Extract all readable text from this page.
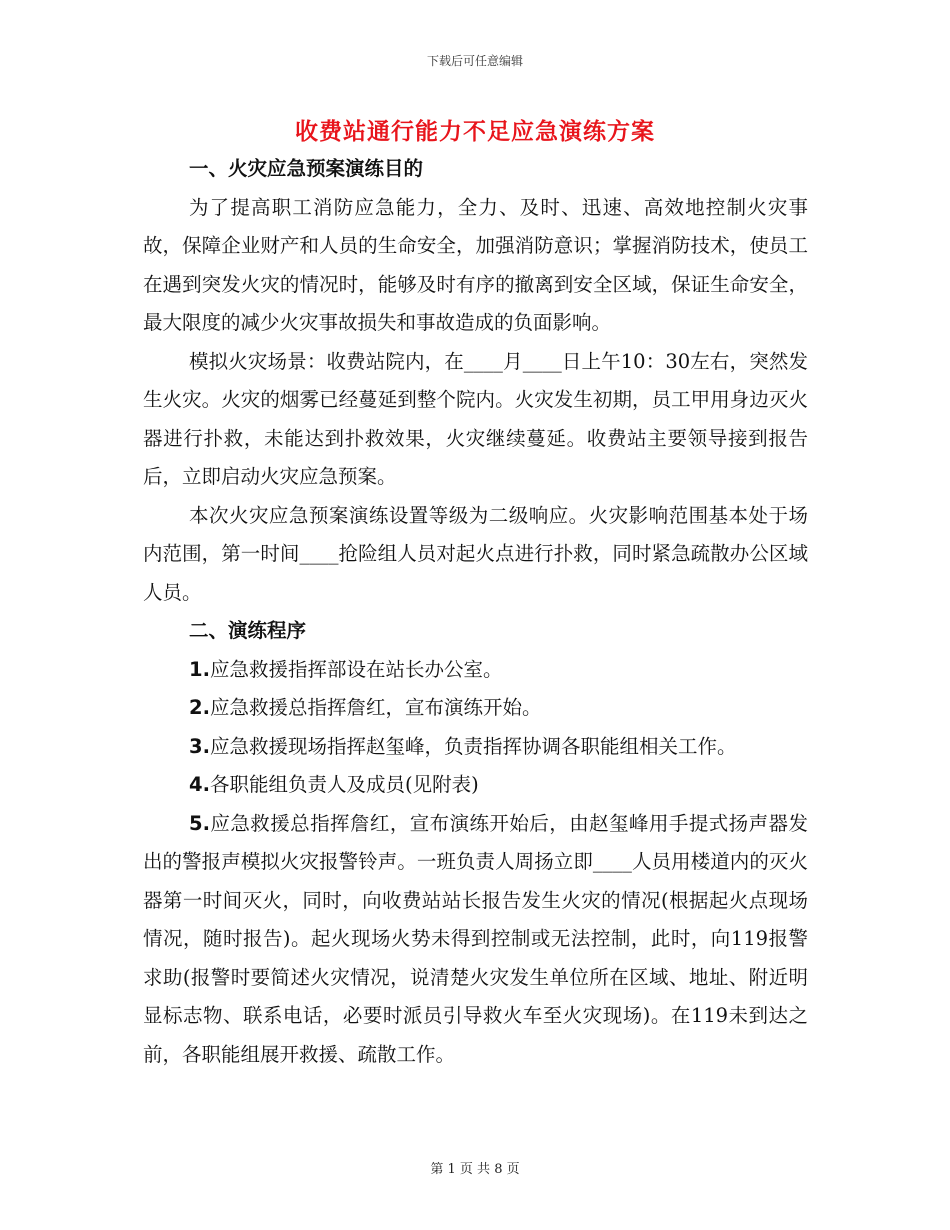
下载后可任意编辑
收费站通行能力不足应急演练方案
一、火灾应急预案演练目的

为了提高职工消防应急能力，全力、及时、迅速、高效地控制火灾事故，保障企业财产和人员的生命安全，加强消防意识；掌握消防技术，使员工在遇到突发火灾的情况时，能够及时有序的撤离到安全区域，保证生命安全，最大限度的减少火灾事故损失和事故造成的负面影响。

模拟火灾场景：收费站院内，在____月____日上午10：30左右，突然发生火灾。火灾的烟雾已经蔓延到整个院内。火灾发生初期，员工甲用身边灭火器进行扑救，未能达到扑救效果，火灾继续蔓延。收费站主要领导接到报告后，立即启动火灾应急预案。

本次火灾应急预案演练设置等级为二级响应。火灾影响范围基本处于场内范围，第一时间____抢险组人员对起火点进行扑救，同时紧急疏散办公区域人员。

二、演练程序
1.应急救援指挥部设在站长办公室。
2.应急救援总指挥詹红，宣布演练开始。
3.应急救援现场指挥赵玺峰，负责指挥协调各职能组相关工作。
4.各职能组负责人及成员(见附表)

5.应急救援总指挥詹红，宣布演练开始后，由赵玺峰用手提式扬声器发出的警报声模拟火灾报警铃声。一班负责人周扬立即____人员用楼道内的灭火器第一时间灭火，同时，向收费站站长报告发生火灾的情况(根据起火点现场情况，随时报告)。起火现场火势未得到控制或无法控制，此时，向119报警求助(报警时要简述火灾情况，说清楚火灾发生单位所在区域、地址、附近明显标志物、联系电话，必要时派员引导救火车至火灾现场)。在119未到达之前，各职能组展开救援、疏散工作。

第 1 页 共 8 页
